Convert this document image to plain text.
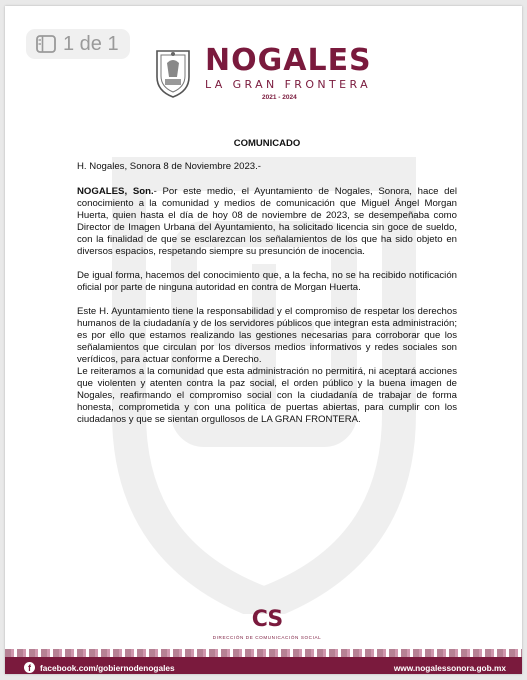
NOGALES
LA GRAN FRONTERA
2021 - 2024
COMUNICADO
H. Nogales, Sonora 8 de Noviembre 2023.-

NOGALES, Son.- Por este medio, el Ayuntamiento de Nogales, Sonora, hace del conocimiento a la comunidad y medios de comunicación que Miguel Ángel Morgan Huerta, quien hasta el día de hoy 08 de noviembre de 2023, se desempeñaba como Director de Imagen Urbana del Ayuntamiento, ha solicitado licencia sin goce de sueldo, con la finalidad de que se esclarezcan los señalamientos de los que ha sido objeto en diversos espacios, respetando siempre su presunción de inocencia.

De igual forma, hacemos del conocimiento que, a la fecha, no se ha recibido notificación oficial por parte de ninguna autoridad en contra de Morgan Huerta.

Este H. Ayuntamiento tiene la responsabilidad y el compromiso de respetar los derechos humanos de la ciudadanía y de los servidores públicos que integran esta administración; es por ello que estamos realizando las gestiones necesarias para corroborar que los señalamientos que circulan por los diversos medios informativos y redes sociales son verídicos, para actuar conforme a Derecho.

Le reiteramos a la comunidad que esta administración no permitirá, ni aceptará acciones que violenten y atenten contra la paz social, el orden público y la buena imagen de Nogales, reafirmando el compromiso social con la ciudadanía de trabajar de forma honesta, comprometida y con una política de puertas abiertas, para cumplir con los ciudadanos y que se sientan orgullosos de LA GRAN FRONTERA.

CS
DIRECCIÓN DE COMUNICACIÓN SOCIAL
f	facebook.com/gobiernodenogales	www.nogalessonora.gob.mx
1 de 1
